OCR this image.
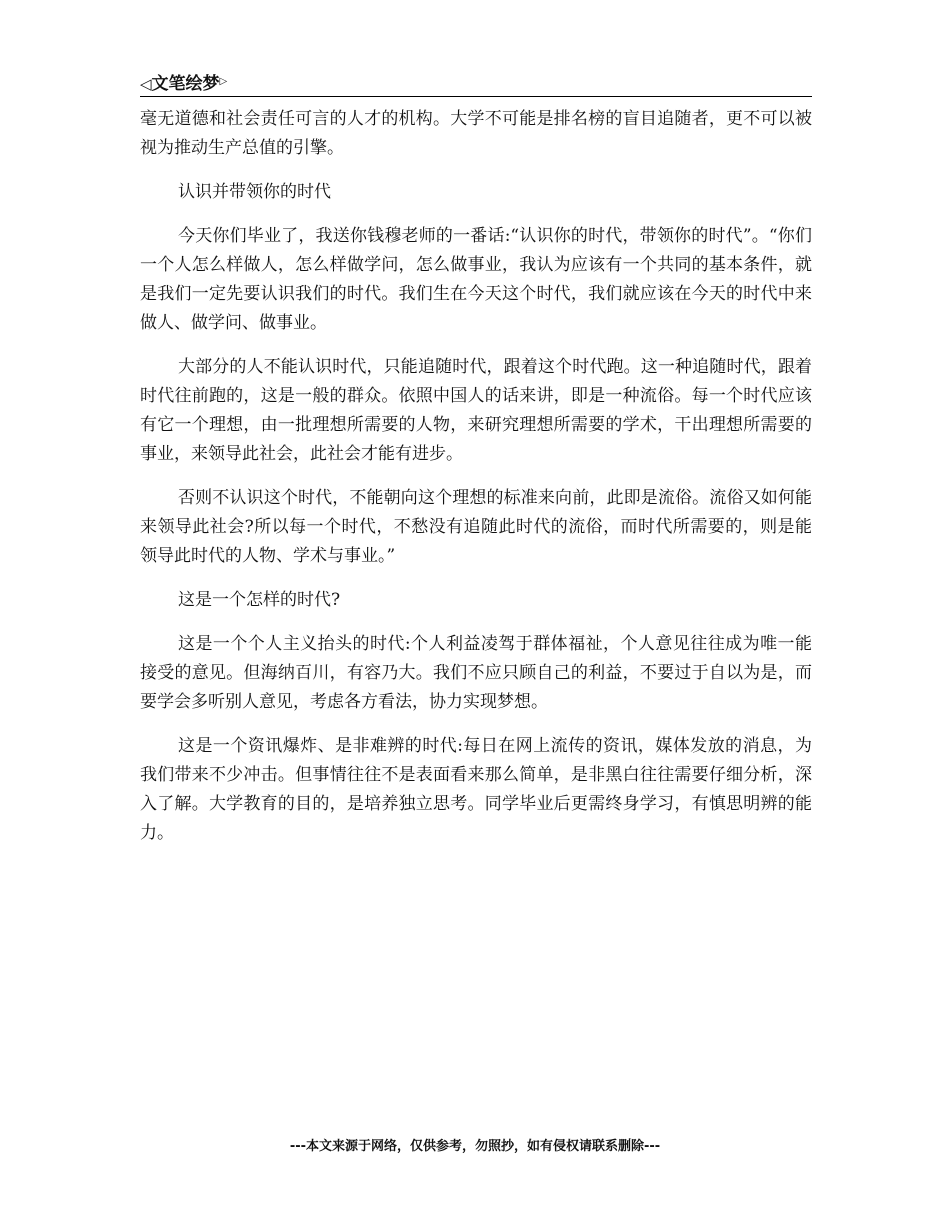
◁文笔绘梦▷

毫无道德和社会责任可言的人才的机构。大学不可能是排名榜的盲目追随者，更不可以被视为推动生产总值的引擎。

认识并带领你的时代

今天你们毕业了，我送你钱穆老师的一番话:“认识你的时代，带领你的时代”。“你们一个人怎么样做人，怎么样做学问，怎么做事业，我认为应该有一个共同的基本条件，就是我们一定先要认识我们的时代。我们生在今天这个时代，我们就应该在今天的时代中来做人、做学问、做事业。

大部分的人不能认识时代，只能追随时代，跟着这个时代跑。这一种追随时代，跟着时代往前跑的，这是一般的群众。依照中国人的话来讲，即是一种流俗。每一个时代应该有它一个理想，由一批理想所需要的人物，来研究理想所需要的学术，干出理想所需要的事业，来领导此社会，此社会才能有进步。

否则不认识这个时代，不能朝向这个理想的标准来向前，此即是流俗。流俗又如何能来领导此社会?所以每一个时代，不愁没有追随此时代的流俗，而时代所需要的，则是能领导此时代的人物、学术与事业。”

这是一个怎样的时代?

这是一个个人主义抬头的时代:个人利益凌驾于群体福祉，个人意见往往成为唯一能接受的意见。但海纳百川，有容乃大。我们不应只顾自己的利益，不要过于自以为是，而要学会多听别人意见，考虑各方看法，协力实现梦想。

这是一个资讯爆炸、是非难辨的时代:每日在网上流传的资讯，媒体发放的消息，为我们带来不少冲击。但事情往往不是表面看来那么简单，是非黑白往往需要仔细分析，深入了解。大学教育的目的，是培养独立思考。同学毕业后更需终身学习，有慎思明辨的能力。

---本文来源于网络，仅供参考，勿照抄，如有侵权请联系删除---
